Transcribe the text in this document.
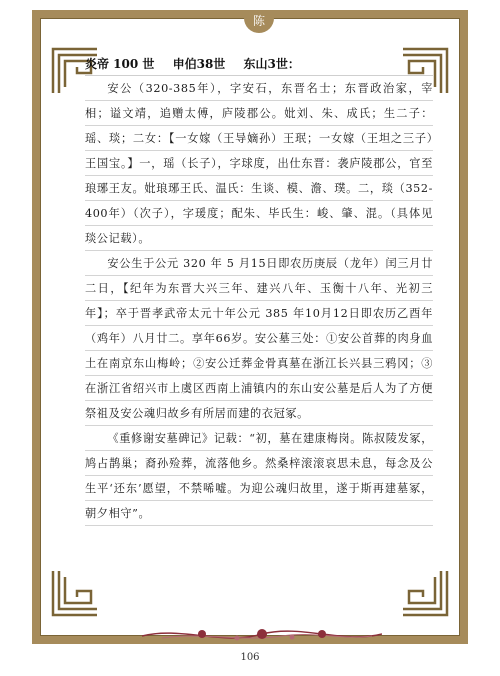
陈
炎帝 100 世 申伯38世 东山3世：

安公（320-385年），字安石，东晋名士；东晋政治家，宰相；谥文靖，追赠太傅，庐陵郡公。妣刘、朱、成氏；生二子：瑶、琰；二女：【一女嫁（王导嫡孙）王珉；一女嫁（王坦之三子）王国宝。】一，瑶（长子），字球度，出仕东晋：袭庐陵郡公，官至琅琊王友。妣琅琊王氏、温氏：生谈、模、澹、璞。二，琰（352-400年）（次子），字瑗度；配朱、毕氏生：峻、肇、混。（具体见琰公记载）。

安公生于公元 320 年 5 月15日即农历庚辰（龙年）闰三月廿二日，【纪年为东晋大兴三年、建兴八年、玉衡十八年、光初三年】；卒于晋孝武帝太元十年公元 385 年10月12日即农历乙酉年（鸡年）八月廿二。享年66岁。安公墓三处：①安公首葬的肉身血土在南京东山梅岭；②安公迁葬金骨真墓在浙江长兴县三鸦冈；③在浙江省绍兴市上虞区西南上浦镇内的东山安公墓是后人为了方便祭祖及安公魂归故乡有所居而建的衣冠冢。

《重修谢安墓碑记》记载：“初，墓在建康梅岗。陈叔陵发冢，鸠占鹊巢；裔孙殓葬，流落他乡。然桑梓滚滚哀思未息，每念及公生平‘还东’愿望，不禁唏嘘。为迎公魂归故里，遂于斯再建墓冢，朝夕相守”。

106
